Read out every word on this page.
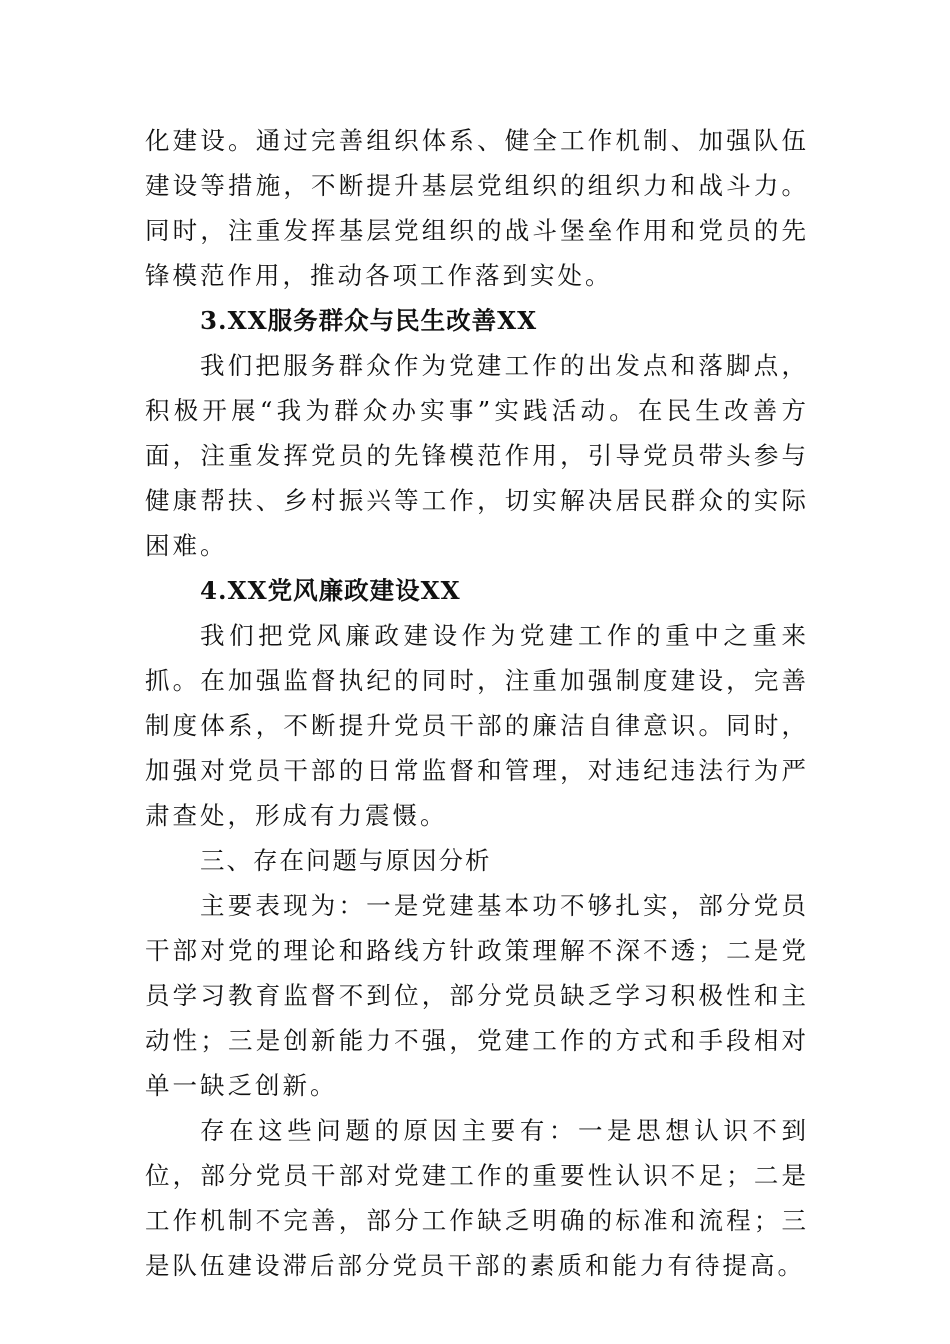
化建设。通过完善组织体系、健全工作机制、加强队伍建设等措施，不断提升基层党组织的组织力和战斗力。同时，注重发挥基层党组织的战斗堡垒作用和党员的先锋模范作用，推动各项工作落到实处。

3.XX服务群众与民生改善XX

我们把服务群众作为党建工作的出发点和落脚点，积极开展“我为群众办实事”实践活动。在民生改善方面，注重发挥党员的先锋模范作用，引导党员带头参与健康帮扶、乡村振兴等工作，切实解决居民群众的实际困难。

4.XX党风廉政建设XX

我们把党风廉政建设作为党建工作的重中之重来抓。在加强监督执纪的同时，注重加强制度建设，完善制度体系，不断提升党员干部的廉洁自律意识。同时，加强对党员干部的日常监督和管理，对违纪违法行为严肃查处，形成有力震慑。

三、存在问题与原因分析

主要表现为：一是党建基本功不够扎实，部分党员干部对党的理论和路线方针政策理解不深不透；二是党员学习教育监督不到位，部分党员缺乏学习积极性和主动性；三是创新能力不强，党建工作的方式和手段相对单一缺乏创新。

存在这些问题的原因主要有：一是思想认识不到位，部分党员干部对党建工作的重要性认识不足；二是工作机制不完善，部分工作缺乏明确的标准和流程；三是队伍建设滞后部分党员干部的素质和能力有待提高。
